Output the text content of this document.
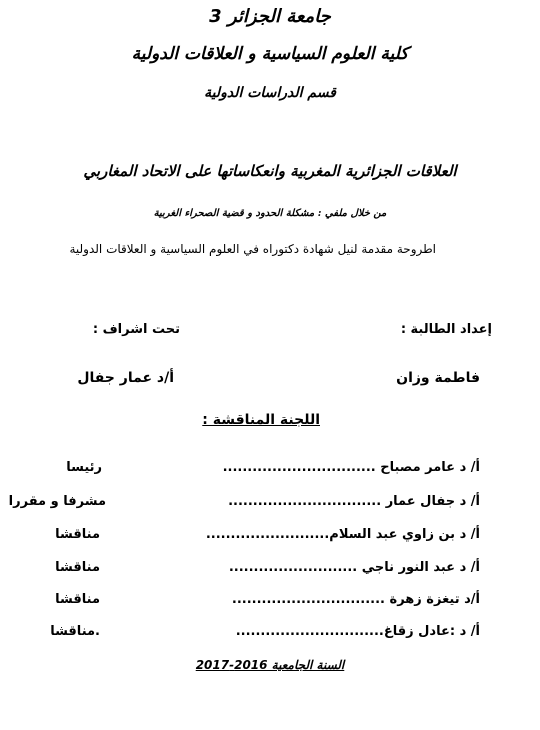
جامعة الجزائر 3
كلية العلوم السياسية و العلاقات الدولية
قسم الدراسات الدولية
العلاقات الجزائرية المغربية وانعكاساتها على الاتحاد المغاربي
من خلال ملفي : مشكلة الحدود و قضية الصحراء الغربية
اطروحة مقدمة لنيل شهادة دكتوراه في العلوم السياسية و العلاقات الدولية
إعداد الطالبة :
تحت اشراف :
فاطمة وزان
أ/د عمار جفال
اللجنة المناقشة :
أ/ د عامر مصباح ...............................
رئيسا
أ/ د جفال عمار ...............................
مشرفا و مقررا
أ/ د بن زاوي عبد السلام.........................
مناقشا
أ/ د عبد النور ناجي ..........................
مناقشا
أ/د تيغزة زهرة ...............................
مناقشا
أ/ د :عادل زقاغ..............................
.مناقشا
السنة الجامعية 2016-2017
